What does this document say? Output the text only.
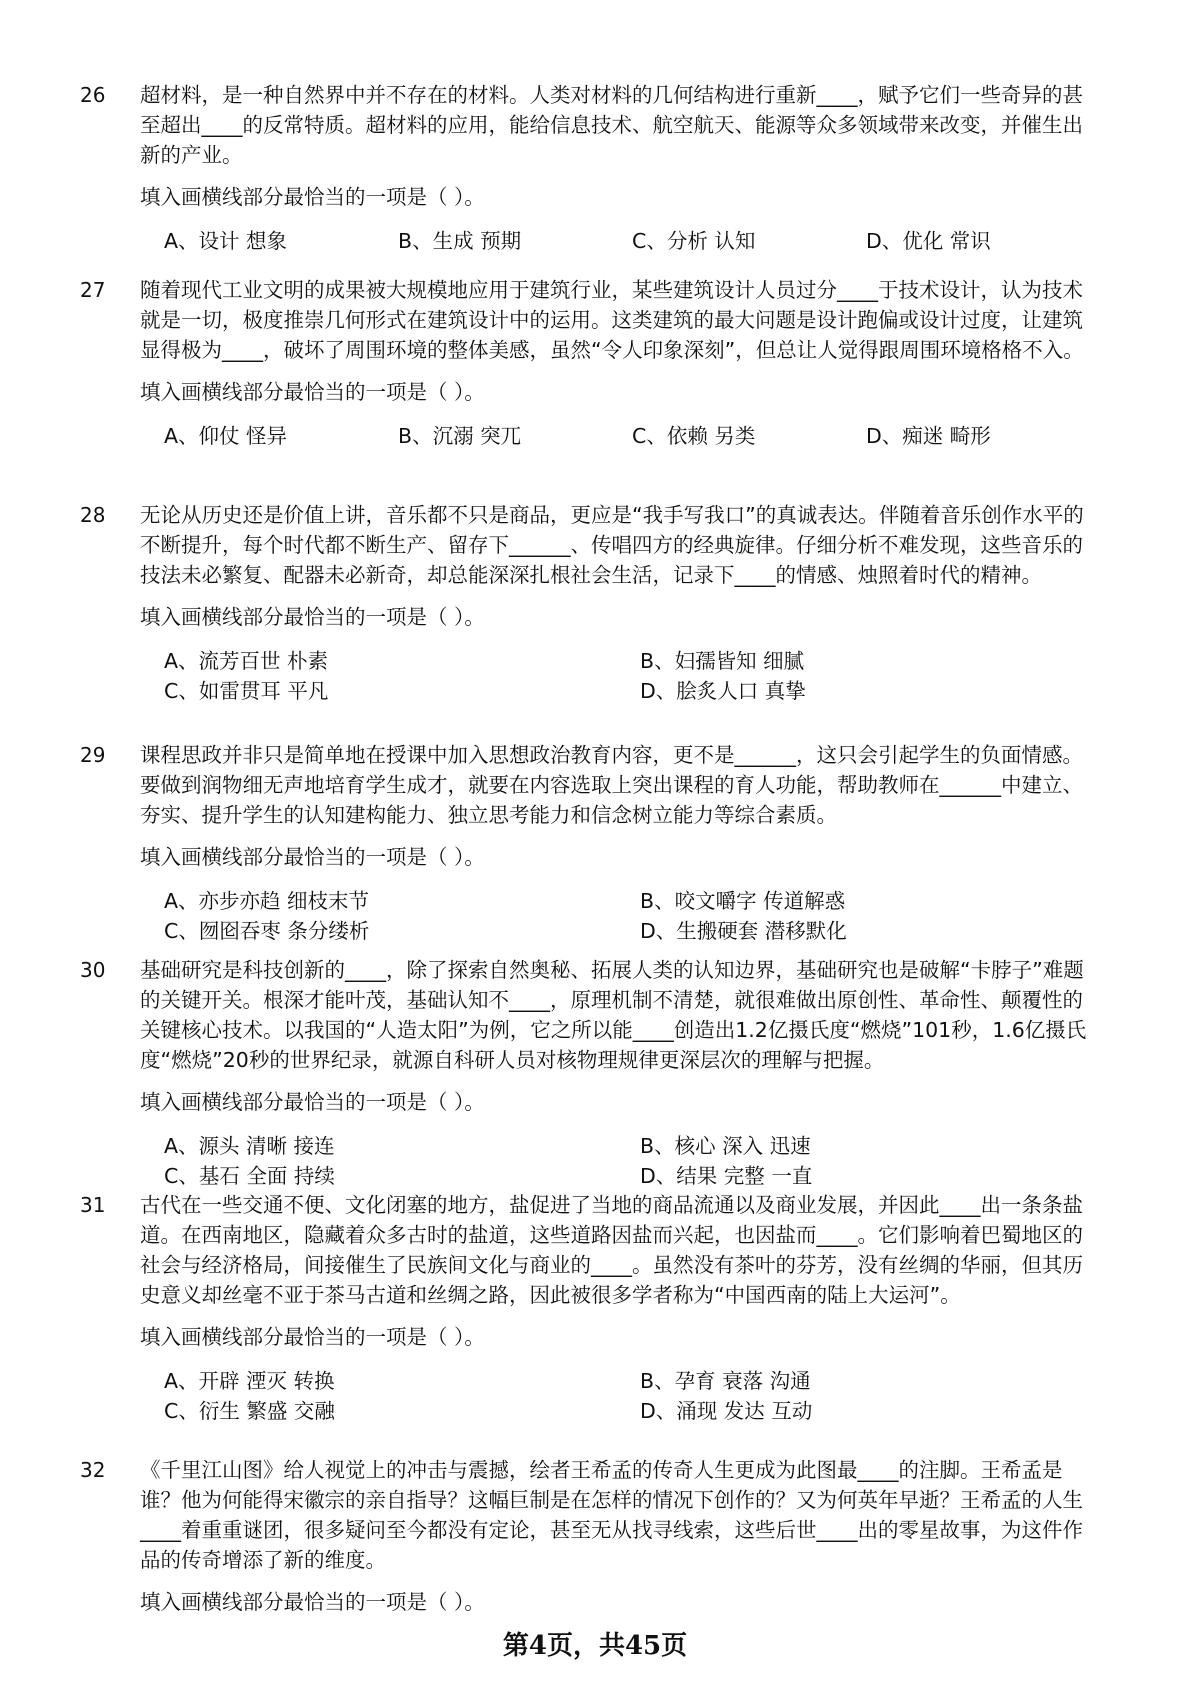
26	超材料，是一种自然界中并不存在的材料。人类对材料的几何结构进行重新____，赋予它们一些奇异的甚至超出____的反常特质。超材料的应用，能给信息技术、航空航天、能源等众多领域带来改变，并催生出新的产业。
填入画横线部分最恰当的一项是（ ）。
A、设计 想象	B、生成 预期	C、分析 认知	D、优化 常识
27	随着现代工业文明的成果被大规模地应用于建筑行业，某些建筑设计人员过分____于技术设计，认为技术就是一切，极度推崇几何形式在建筑设计中的运用。这类建筑的最大问题是设计跑偏或设计过度，让建筑显得极为____，破坏了周围环境的整体美感，虽然“令人印象深刻”，但总让人觉得跟周围环境格格不入。
填入画横线部分最恰当的一项是（ ）。
A、仰仗 怪异	B、沉溺 突兀	C、依赖 另类	D、痴迷 畸形
28	无论从历史还是价值上讲，音乐都不只是商品，更应是“我手写我口”的真诚表达。伴随着音乐创作水平的不断提升，每个时代都不断生产、留存下______、传唱四方的经典旋律。仔细分析不难发现，这些音乐的技法未必繁复、配器未必新奇，却总能深深扎根社会生活，记录下____的情感、烛照着时代的精神。
填入画横线部分最恰当的一项是（ ）。
A、流芳百世 朴素	B、妇孺皆知 细腻
C、如雷贯耳 平凡	D、脍炙人口 真挚
29	课程思政并非只是简单地在授课中加入思想政治教育内容，更不是______，这只会引起学生的负面情感。要做到润物细无声地培育学生成才，就要在内容选取上突出课程的育人功能，帮助教师在______中建立、夯实、提升学生的认知建构能力、独立思考能力和信念树立能力等综合素质。
填入画横线部分最恰当的一项是（ ）。
A、亦步亦趋 细枝末节	B、咬文嚼字 传道解惑
C、囫囵吞枣 条分缕析	D、生搬硬套 潜移默化
30	基础研究是科技创新的____，除了探索自然奥秘、拓展人类的认知边界，基础研究也是破解“卡脖子”难题的关键开关。根深才能叶茂，基础认知不____，原理机制不清楚，就很难做出原创性、革命性、颠覆性的关键核心技术。以我国的“人造太阳”为例，它之所以能____创造出1.2亿摄氏度“燃烧”101秒，1.6亿摄氏度“燃烧”20秒的世界纪录，就源自科研人员对核物理规律更深层次的理解与把握。
填入画横线部分最恰当的一项是（ ）。
A、源头 清晰 接连	B、核心 深入 迅速
C、基石 全面 持续	D、结果 完整 一直
31	古代在一些交通不便、文化闭塞的地方，盐促进了当地的商品流通以及商业发展，并因此____出一条条盐道。在西南地区，隐藏着众多古时的盐道，这些道路因盐而兴起，也因盐而____。它们影响着巴蜀地区的社会与经济格局，间接催生了民族间文化与商业的____。虽然没有茶叶的芬芳，没有丝绸的华丽，但其历史意义却丝毫不亚于茶马古道和丝绸之路，因此被很多学者称为“中国西南的陆上大运河”。
填入画横线部分最恰当的一项是（ ）。
A、开辟 湮灭 转换	B、孕育 衰落 沟通
C、衍生 繁盛 交融	D、涌现 发达 互动
32	《千里江山图》给人视觉上的冲击与震撼，绘者王希孟的传奇人生更成为此图最____的注脚。王希孟是谁？他为何能得宋徽宗的亲自指导？这幅巨制是在怎样的情况下创作的？又为何英年早逝？王希孟的人生____着重重谜团，很多疑问至今都没有定论，甚至无从找寻线索，这些后世____出的零星故事，为这件作品的传奇增添了新的维度。
填入画横线部分最恰当的一项是（ ）。
第4页，共45页
